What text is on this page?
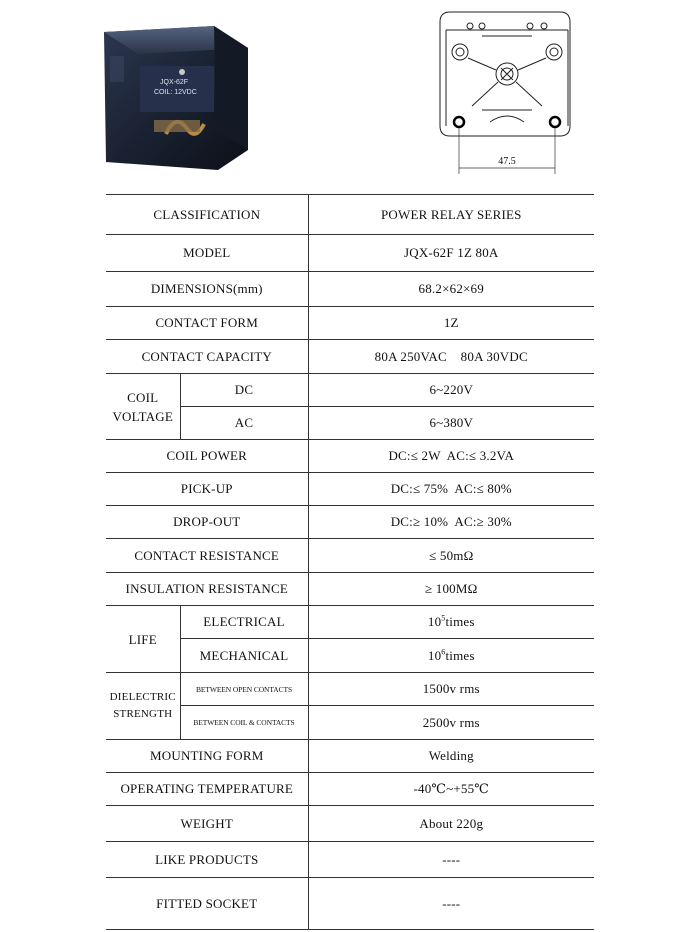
JQX-62F
COIL: 12VDC
47.5
CLASSIFICATION		POWER RELAY SERIES
MODEL		JQX-62F 1Z 80A
DIMENSIONS(mm)		68.2×62×69
CONTACT FORM		1Z
CONTACT CAPACITY		80A 250VAC    80A 30VDC
COIL
VOLTAGE	DC	6~220V
	AC	6~380V
COIL POWER		DC:≤ 2W  AC:≤ 3.2VA
PICK-UP		DC:≤ 75%  AC:≤ 80%
DROP-OUT		DC:≥ 10%  AC:≥ 30%
CONTACT RESISTANCE		≤ 50mΩ
INSULATION RESISTANCE		≥ 100MΩ
LIFE	ELECTRICAL	$10^5times$
	MECHANICAL	$10^6times$
DIELECTRIC
STRENGTH	BETWEEN OPEN CONTACTS	1500v rms
	BETWEEN COIL & CONTACTS	2500v rms
MOUNTING FORM		Welding
OPERATING TEMPERATURE		-40℃~+55℃
WEIGHT		About 220g
LIKE PRODUCTS		----
FITTED SOCKET		----
